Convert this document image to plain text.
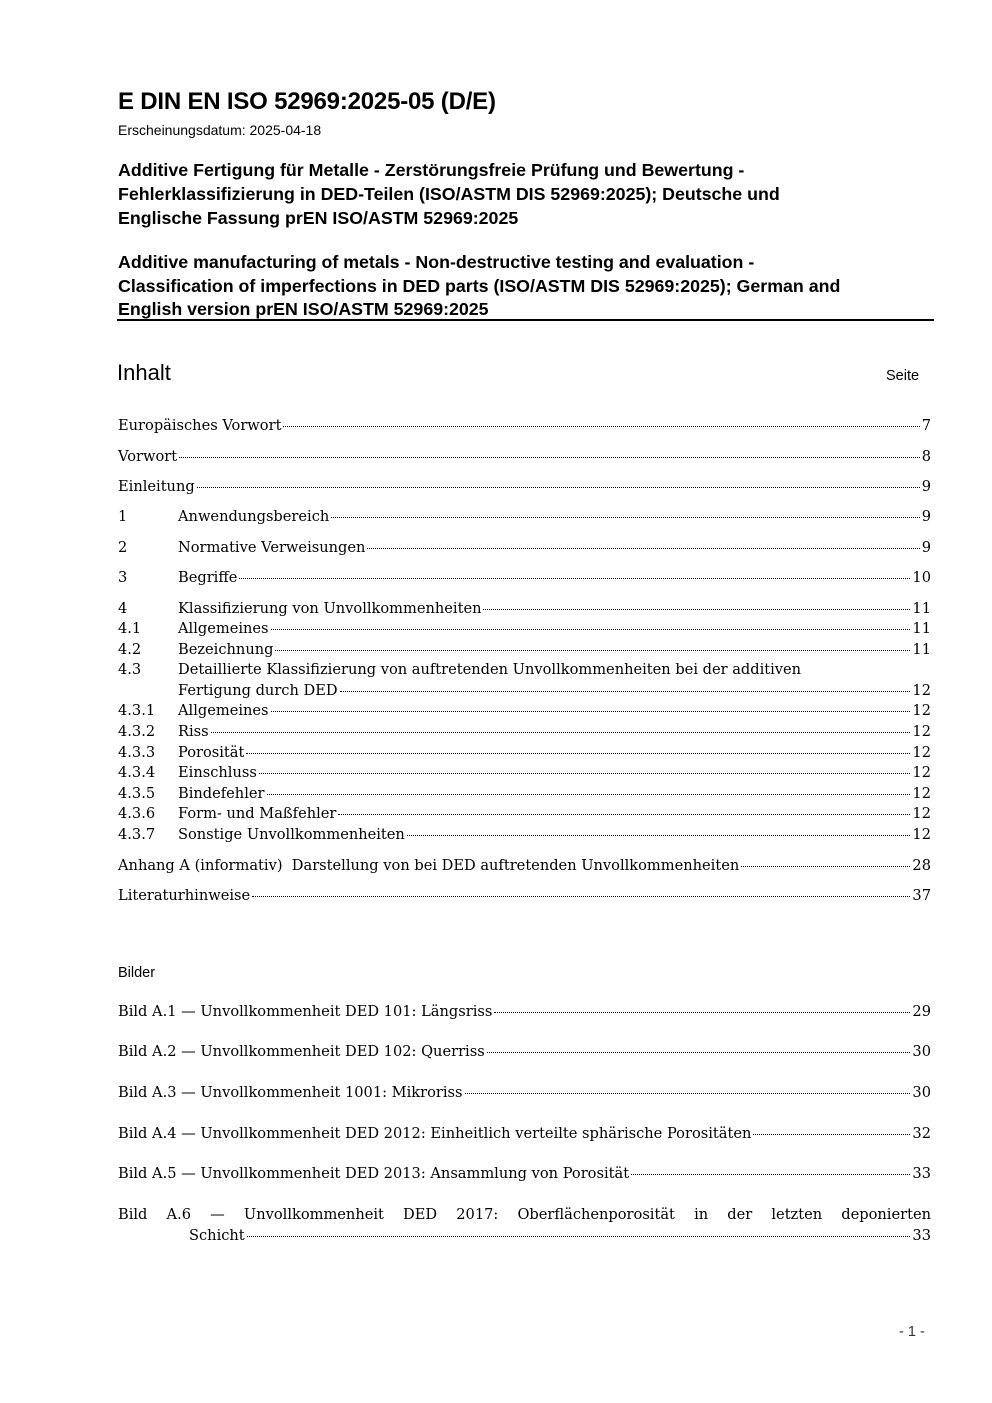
E DIN EN ISO 52969:2025-05 (D/E)
Erscheinungsdatum: 2025-04-18
Additive Fertigung für Metalle - Zerstörungsfreie Prüfung und Bewertung -
Fehlerklassifizierung in DED-Teilen (ISO/ASTM DIS 52969:2025); Deutsche und
Englische Fassung prEN ISO/ASTM 52969:2025
Additive manufacturing of metals - Non-destructive testing and evaluation -
Classification of imperfections in DED parts (ISO/ASTM DIS 52969:2025); German and
English version prEN ISO/ASTM 52969:2025
Inhalt	Seite
Europäisches Vorwort	7
Vorwort	8
Einleitung	9
1	Anwendungsbereich	9
2	Normative Verweisungen	9
3	Begriffe	10
4	Klassifizierung von Unvollkommenheiten	11
4.1	Allgemeines	11
4.2	Bezeichnung	11
4.3	Detaillierte Klassifizierung von auftretenden Unvollkommenheiten bei der additiven
Fertigung durch DED	12
4.3.1	Allgemeines	12
4.3.2	Riss	12
4.3.3	Porosität	12
4.3.4	Einschluss	12
4.3.5	Bindefehler	12
4.3.6	Form- und Maßfehler	12
4.3.7	Sonstige Unvollkommenheiten	12
Anhang A (informativ)  Darstellung von bei DED auftretenden Unvollkommenheiten	28
Literaturhinweise	37
Bilder
Bild A.1 — Unvollkommenheit DED 101: Längsriss	29
Bild A.2 — Unvollkommenheit DED 102: Querriss	30
Bild A.3 — Unvollkommenheit 1001: Mikroriss	30
Bild A.4 — Unvollkommenheit DED 2012: Einheitlich verteilte sphärische Porositäten	32
Bild A.5 — Unvollkommenheit DED 2013: Ansammlung von Porosität	33
Bild A.6 — Unvollkommenheit DED 2017: Oberflächenporosität in der letzten deponierten
Schicht	33
- 1 -
